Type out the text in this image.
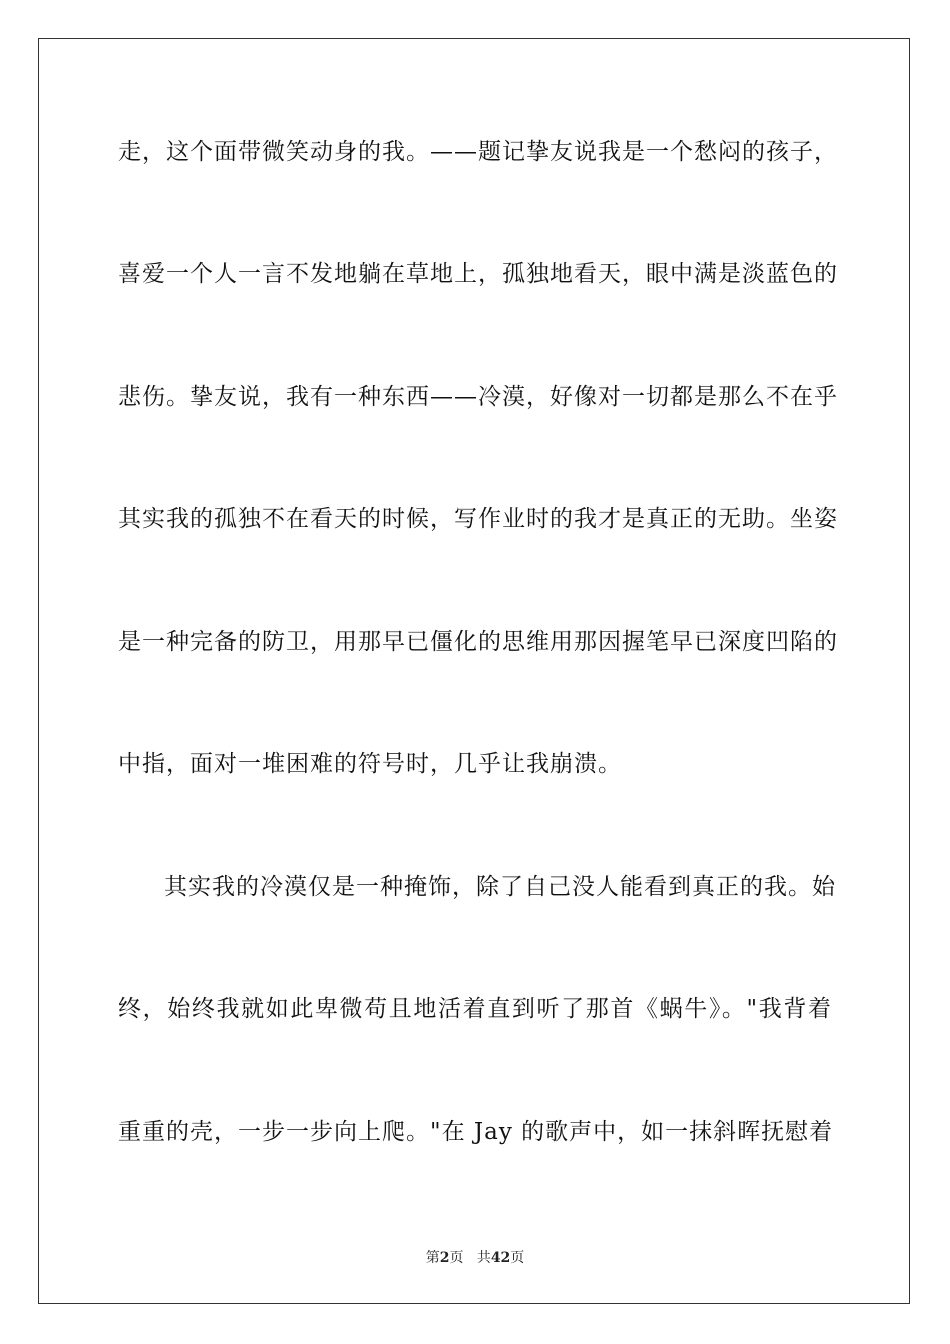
走，这个面带微笑动身的我。——题记挚友说我是一个愁闷的孩子，
喜爱一个人一言不发地躺在草地上，孤独地看天，眼中满是淡蓝色的
悲伤。挚友说，我有一种东西——冷漠，好像对一切都是那么不在乎
其实我的孤独不在看天的时候，写作业时的我才是真正的无助。坐姿
是一种完备的防卫，用那早已僵化的思维用那因握笔早已深度凹陷的
中指，面对一堆困难的符号时，几乎让我崩溃。
其实我的冷漠仅是一种掩饰，除了自己没人能看到真正的我。始
终，始终我就如此卑微苟且地活着直到听了那首《蜗牛》。"我背着
重重的壳，一步一步向上爬。"在 Jay 的歌声中，如一抹斜晖抚慰着
第2页 共42页
